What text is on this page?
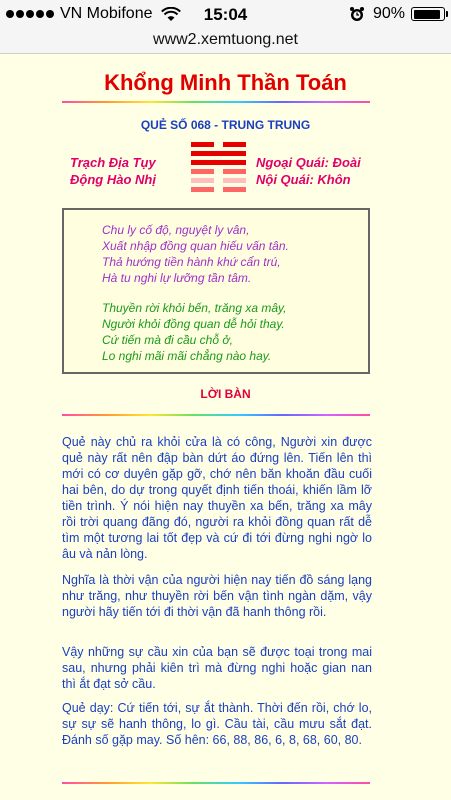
VN Mobifone	15:04	90%
www2.xemtuong.net
Khổng Minh Thần Toán
QUẺ SỐ 068 - TRUNG TRUNG
Trạch Địa Tụy
Động Hào Nhị
Ngoại Quái: Đoài
Nội Quái: Khôn
Chu ly cố độ, nguyệt ly vân,
Xuất nhập đồng quan hiếu vấn tân.
Thả hướng tiền hành khứ cẩn trú,
Hà tu nghi lự lưỡng tần tâm.
Thuyền rời khỏi bến, trăng xa mây,
Người khỏi đồng quan dễ hỏi thay.
Cứ tiến mà đi cầu chỗ ở,
Lo nghi mãi mãi chẳng nào hay.
LỜI BÀN
Quẻ này chủ ra khỏi cửa là có công, Người xin được quẻ này rất nên đập bàn dứt áo đứng lên. Tiến lên thì mới có cơ duyên gặp gỡ, chớ nên băn khoăn đầu cuối hai bên, do dự trong quyết định tiến thoái, khiến lầm lỡ tiền trình. Ý nói hiện nay thuyền xa bến, trăng xa mây rồi trời quang đãng đó, người ra khỏi đồng quan rất dễ tìm một tương lai tốt đẹp và cứ đi tới đừng nghi ngờ lo âu và nản lòng.
Nghĩa là thời vận của người hiện nay tiến đồ sáng lạng như trăng, như thuyền rời bến vận tình ngàn dặm, vậy người hãy tiến tới đi thời vận đã hanh thông rồi.
Vậy những sự cầu xin của bạn sẽ được toại trong mai sau, nhưng phải kiên trì mà đừng nghi hoặc gian nan thì ắt đạt sở cầu.
Quẻ dạy: Cứ tiến tới, sự ắt thành. Thời đến rồi, chớ lo, sự sự sẽ hanh thông, lo gì. Cầu tài, cầu mưu sắt đạt. Đánh số gặp may. Số hên: 66, 88, 86, 6, 8, 68, 60, 80.
